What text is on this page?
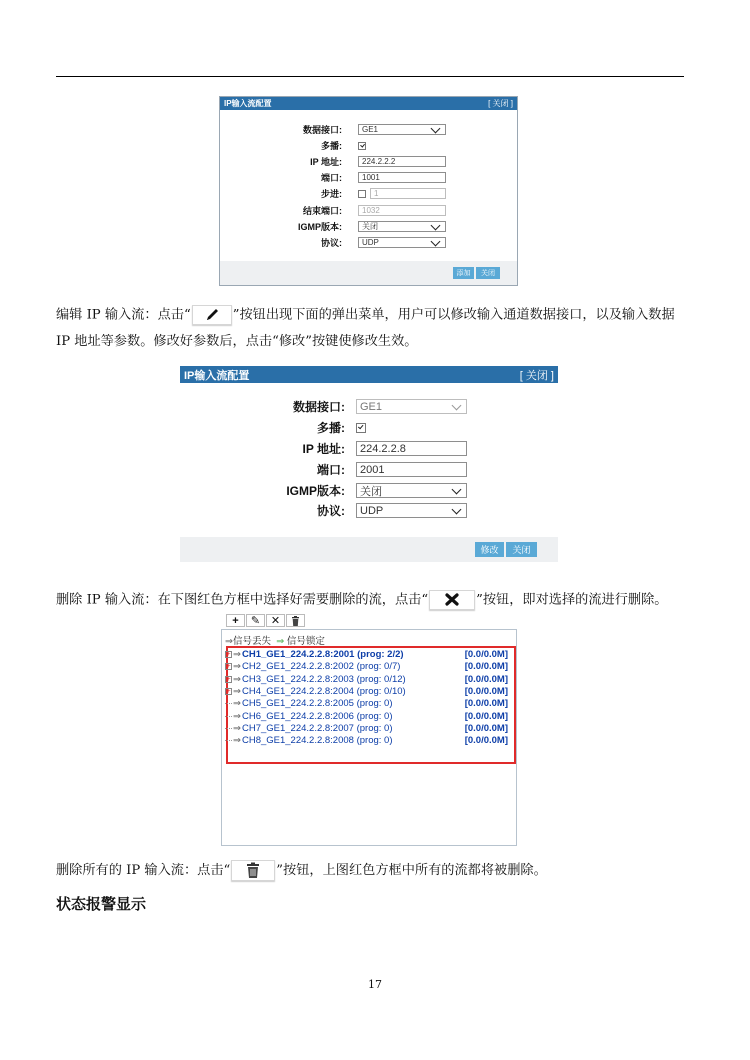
IP输入流配置	[ 关闭 ]
数据接口:	GE1
多播:
IP 地址:	224.2.2.2
端口:	1001
步进:	1
结束端口:	1032
IGMP版本:	关闭
协议:	UDP
添加	关闭
编辑 IP 输入流：点击“	”按钮出现下面的弹出菜单，用户可以修改输入通道数据接口，以及输入数据
IP 地址等参数。修改好参数后，点击“修改”按键使修改生效。
IP输入流配置	[ 关闭 ]
数据接口: GE1
多播:
IP 地址:	224.2.2.8
端口:	2001
IGMP版本: 关闭
协议: UDP
修改	关闭
删除 IP 输入流：在下图红色方框中选择好需要删除的流，点击“	”按钮，即对选择的流进行删除。
+	✎ ✕
⇒信号丢失 ⇒ 信号锁定
+ ⇒ CH1_GE1_224.2.2.8:2001 (prog: 2/2)	[0.0/0.0M]
+ ⇒ CH2_GE1_224.2.2.8:2002 (prog: 0/7)	[0.0/0.0M]
+ ⇒ CH3_GE1_224.2.2.8:2003 (prog: 0/12)	[0.0/0.0M]
+ ⇒ CH4_GE1_224.2.2.8:2004 (prog: 0/10)	[0.0/0.0M]
⇒ CH5_GE1_224.2.2.8:2005 (prog: 0)	[0.0/0.0M]
⇒ CH6_GE1_224.2.2.8:2006 (prog: 0)	[0.0/0.0M]
⇒ CH7_GE1_224.2.2.8:2007 (prog: 0)	[0.0/0.0M]
⇒ CH8_GE1_224.2.2.8:2008 (prog: 0)	[0.0/0.0M]
删除所有的 IP 输入流：点击“	”按钮，上图红色方框中所有的流都将被删除。
状态报警显示
17
